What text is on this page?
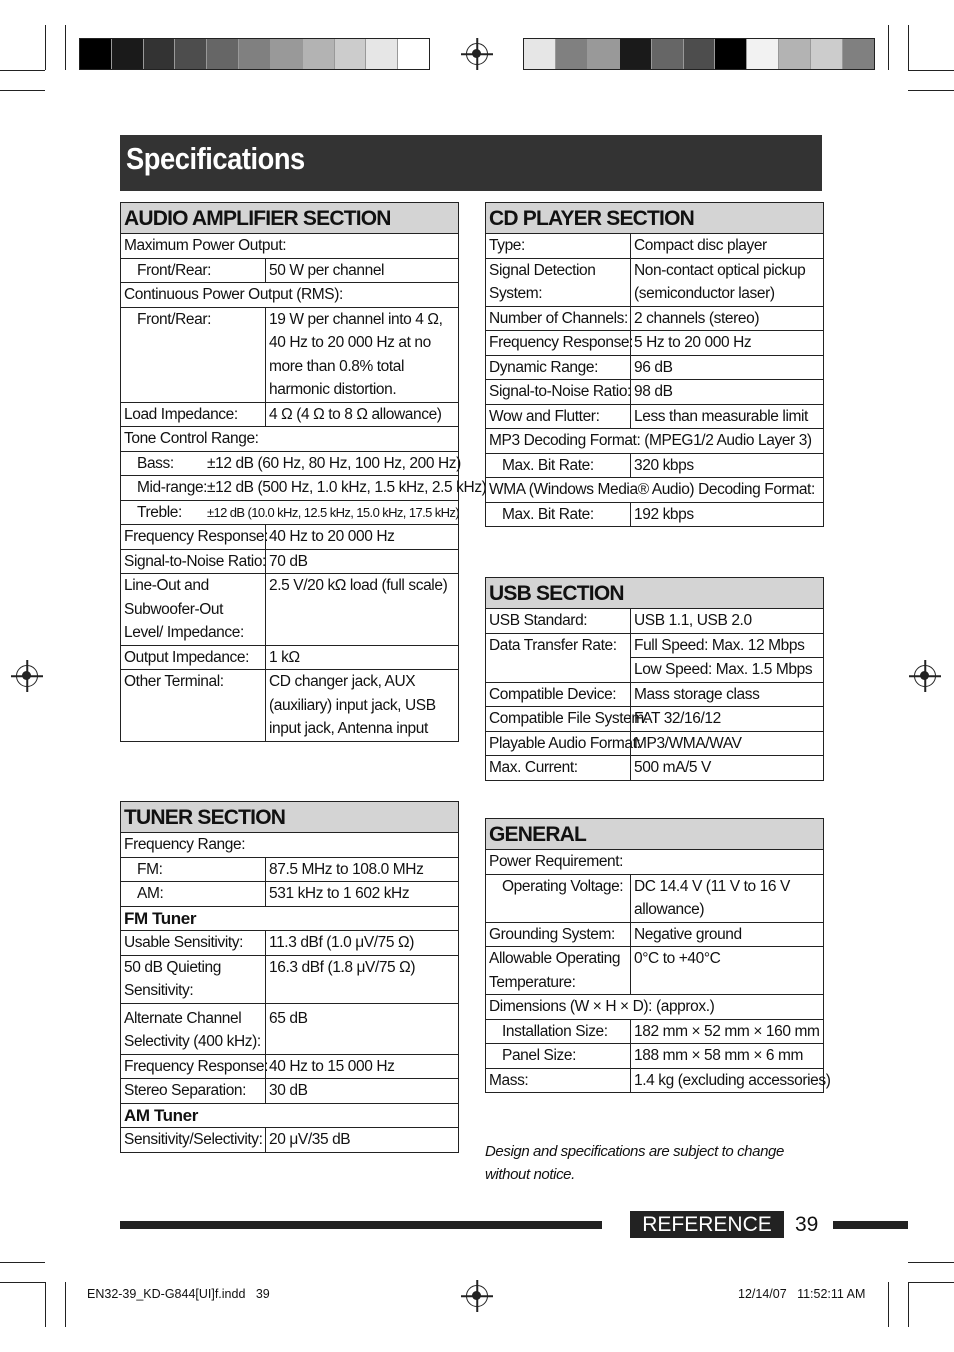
Specifications
AUDIO AMPLIFIER SECTION	
Maximum Power Output:	
Front/Rear:	50 W per channel
Continuous Power Output (RMS):	
Front/Rear:	19 W per channel into 4 Ω, 40 Hz to 20 000 Hz at no more than 0.8% total harmonic distortion.
Load Impedance:	4 Ω (4 Ω to 8 Ω allowance)
Tone Control Range:	
Bass: ±12 dB (60 Hz, 80 Hz, 100 Hz, 200 Hz)	
Mid-range:±12 dB (500 Hz, 1.0 kHz, 1.5 kHz, 2.5 kHz)	
Treble: ±12 dB (10.0 kHz, 12.5 kHz, 15.0 kHz, 17.5 kHz)	
Frequency Response:	40 Hz to 20 000 Hz
Signal-to-Noise Ratio:	70 dB
Line-Out and Subwoofer-Out Level/ Impedance:	2.5 V/20 kΩ load (full scale)
Output Impedance:	1 kΩ
Other Terminal:	CD changer jack, AUX (auxiliary) input jack, USB input jack, Antenna input
TUNER SECTION	
Frequency Range:	
FM:	87.5 MHz to 108.0 MHz
AM:	531 kHz to 1 602 kHz
FM Tuner	
Usable Sensitivity:	11.3 dBf (1.0 μV/75 Ω)
50 dB Quieting Sensitivity:	16.3 dBf (1.8 μV/75 Ω)
Alternate Channel Selectivity (400 kHz):	65 dB
Frequency Response:	40 Hz to 15 000 Hz
Stereo Separation:	30 dB
AM Tuner	
Sensitivity/Selectivity:	20 μV/35 dB
CD PLAYER SECTION	
Type:	Compact disc player
Signal Detection System:	Non-contact optical pickup (semiconductor laser)
Number of Channels:	2 channels (stereo)
Frequency Response:	5 Hz to 20 000 Hz
Dynamic Range:	96 dB
Signal-to-Noise Ratio:	98 dB
Wow and Flutter:	Less than measurable limit
MP3 Decoding Format: (MPEG1/2 Audio Layer 3)	
Max. Bit Rate:	320 kbps
WMA (Windows Media® Audio) Decoding Format:	
Max. Bit Rate:	192 kbps
USB SECTION	
USB Standard:	USB 1.1, USB 2.0
Data Transfer Rate:	Full Speed: Max. 12 Mbps
	Low Speed: Max. 1.5 Mbps
Compatible Device:	Mass storage class
Compatible File System:	FAT 32/16/12
Playable Audio Format:	MP3/WMA/WAV
Max. Current:	500 mA/5 V
GENERAL	
Power Requirement:	
Operating Voltage:	DC 14.4 V (11 V to 16 V allowance)
Grounding System:	Negative ground
Allowable Operating Temperature:	0°C to +40°C
Dimensions (W × H × D): (approx.)	
Installation Size:	182 mm × 52 mm × 160 mm
Panel Size:	188 mm × 58 mm × 6 mm
Mass:	1.4 kg (excluding accessories)
Design and specifications are subject to change without notice.
REFERENCE	39
EN32-39_KD-G844[UI]f.indd   39	12/14/07   11:52:11 AM
